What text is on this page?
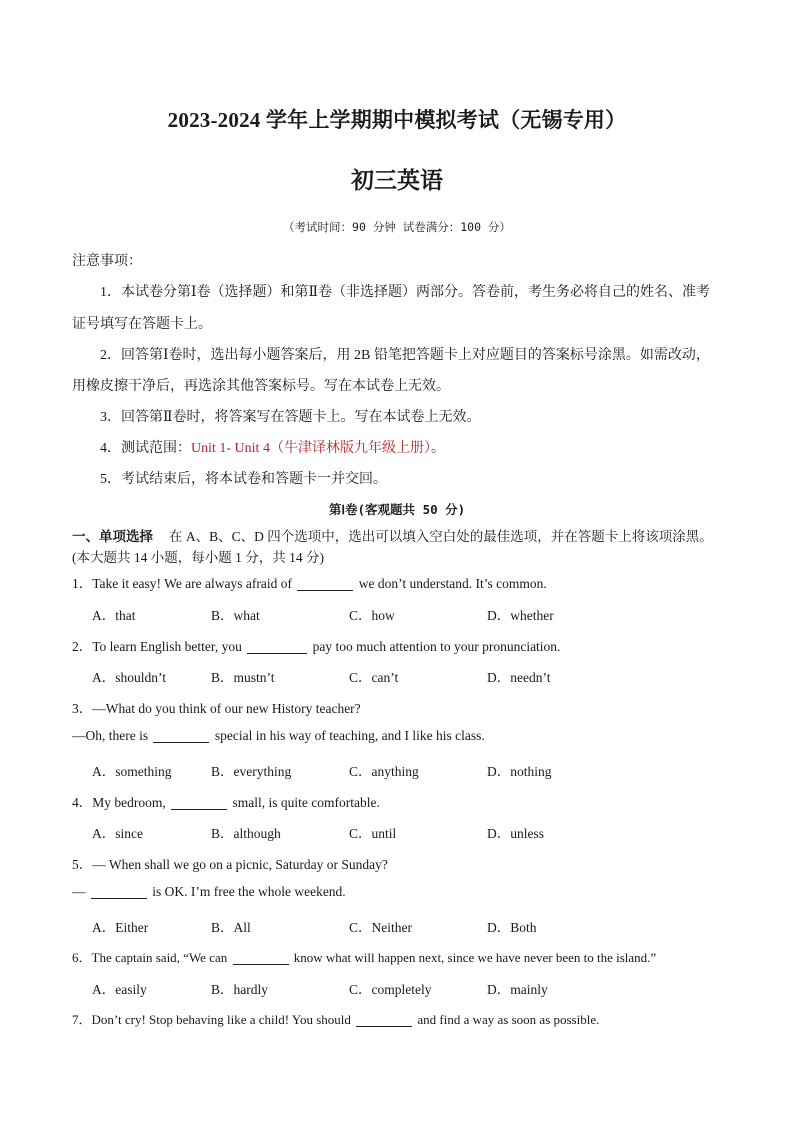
2023-2024 学年上学期期中模拟考试（无锡专用）
初三英语
（考试时间：90 分钟 试卷满分：100 分）
注意事项：
1．本试卷分第Ⅰ卷（选择题）和第Ⅱ卷（非选择题）两部分。答卷前，考生务必将自己的姓名、准考
证号填写在答题卡上。
2．回答第Ⅰ卷时，选出每小题答案后，用 2B 铅笔把答题卡上对应题目的答案标号涂黑。如需改动，
用橡皮擦干净后，再选涂其他答案标号。写在本试卷上无效。
3．回答第Ⅱ卷时，将答案写在答题卡上。写在本试卷上无效。
4．测试范围：Unit 1- Unit 4（牛津译林版九年级上册）。
5．考试结束后，将本试卷和答题卡一并交回。
第Ⅰ卷(客观题共 50 分)
一、单项选择 在 A、B、C、D 四个选项中，选出可以填入空白处的最佳选项，并在答题卡上将该项涂黑。
(本大题共 14 小题，每小题 1 分，共 14 分)
1．Take it easy! We are always afraid of	we don’t understand. It’s common.
A．that	B．what	C．how	D．whether
2．To learn English better, you	pay too much attention to your pronunciation.
A．shouldn’t	B．mustn’t	C．can’t	D．needn’t
3．—What do you think of our new History teacher?
—Oh, there is	special in his way of teaching, and I like his class.
A．something	B．everything	C．anything	D．nothing
4．My bedroom,	small, is quite comfortable.
A．since	B．although	C．until	D．unless
5．— When shall we go on a picnic, Saturday or Sunday?
—	is OK. I’m free the whole weekend.
A．Either	B．All	C．Neither	D．Both
6．The captain said, “We can	know what will happen next, since we have never been to the island.”
A．easily	B．hardly	C．completely	D．mainly
7．Don’t cry! Stop behaving like a child! You should	and find a way as soon as possible.
